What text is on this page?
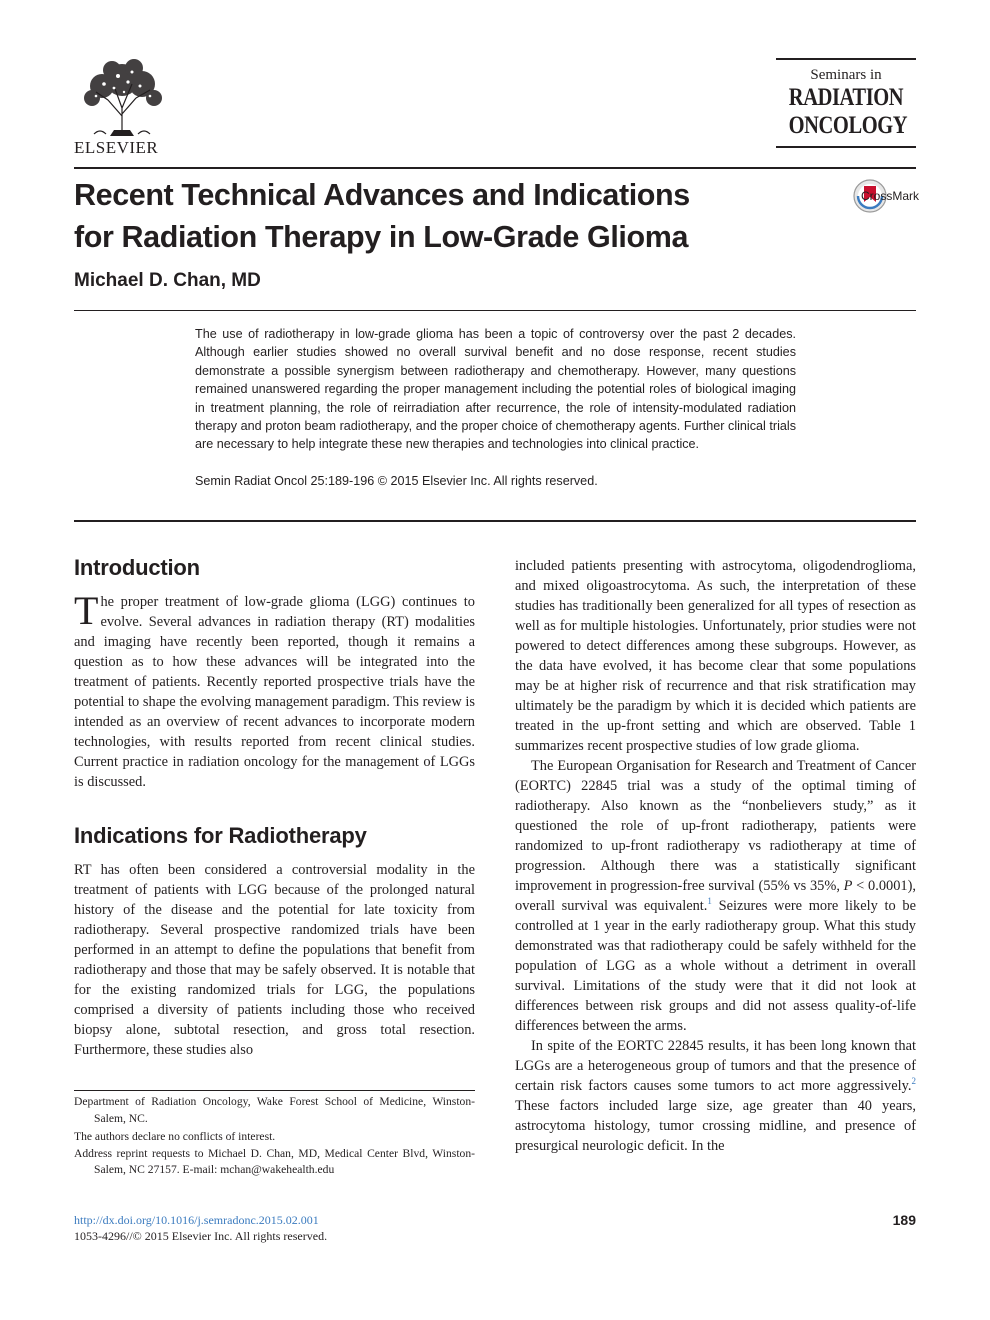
ELSEVIER
Seminars in
RADIATION
ONCOLOGY
Recent Technical Advances and Indications
for Radiation Therapy in Low-Grade Glioma
CrossMark
Michael D. Chan, MD
The use of radiotherapy in low-grade glioma has been a topic of controversy over the past 2 decades. Although earlier studies showed no overall survival benefit and no dose response, recent studies demonstrate a possible synergism between radiotherapy and chemotherapy. However, many questions remained unanswered regarding the proper management including the potential roles of biological imaging in treatment planning, the role of reirradiation after recurrence, the role of intensity-modulated radiation therapy and proton beam radiotherapy, and the proper choice of chemotherapy agents. Further clinical trials are necessary to help integrate these new therapies and technologies into clinical practice.
Semin Radiat Oncol 25:189-196 © 2015 Elsevier Inc. All rights reserved.
Introduction

The proper treatment of low-grade glioma (LGG) continues to evolve. Several advances in radiation therapy (RT) modalities and imaging have recently been reported, though it remains a question as to how these advances will be integrated into the treatment of patients. Recently reported prospective trials have the potential to shape the evolving management paradigm. This review is intended as an overview of recent advances to incorporate modern technologies, with results reported from recent clinical studies. Current practice in radiation oncology for the management of LGGs is discussed.

Indications for Radiotherapy

RT has often been considered a controversial modality in the treatment of patients with LGG because of the prolonged natural history of the disease and the potential for late toxicity from radiotherapy. Several prospective randomized trials have been performed in an attempt to define the populations that benefit from radiotherapy and those that may be safely observed. It is notable that for the existing randomized trials for LGG, the populations comprised a diversity of patients including those who received biopsy alone, subtotal resection, and gross total resection. Furthermore, these studies also

included patients presenting with astrocytoma, oligodendroglioma, and mixed oligoastrocytoma. As such, the interpretation of these studies has traditionally been generalized for all types of resection as well as for multiple histologies. Unfortunately, prior studies were not powered to detect differences among these subgroups. However, as the data have evolved, it has become clear that some populations may be at higher risk of recurrence and that risk stratification may ultimately be the paradigm by which it is decided which patients are treated in the up-front setting and which are observed. Table 1 summarizes recent prospective studies of low grade glioma.

The European Organisation for Research and Treatment of Cancer (EORTC) 22845 trial was a study of the optimal timing of radiotherapy. Also known as the “nonbelievers study,” as it questioned the role of up-front radiotherapy, patients were randomized to up-front radiotherapy vs radiotherapy at time of progression. Although there was a statistically significant improvement in progression-free survival (55% vs 35%, P < 0.0001), overall survival was equivalent.$^1$ Seizures were more likely to be controlled at 1 year in the early radiotherapy group. What this study demonstrated was that radiotherapy could be safely withheld for the population of LGG as a whole without a detriment in overall survival. Limitations of the study were that it did not look at differences between risk groups and did not assess quality-of-life differences between the arms.

In spite of the EORTC 22845 results, it has been long known that LGGs are a heterogeneous group of tumors and that the presence of certain risk factors causes some tumors to act more aggressively.$^2$ These factors included large size, age greater than 40 years, astrocytoma histology, tumor crossing midline, and presence of presurgical neurologic deficit. In the

Department of Radiation Oncology, Wake Forest School of Medicine, Winston-Salem, NC.
The authors declare no conflicts of interest.
Address reprint requests to Michael D. Chan, MD, Medical Center Blvd, Winston-Salem, NC 27157. E-mail: mchan@wakehealth.edu
http://dx.doi.org/10.1016/j.semradonc.2015.02.001
1053-4296//© 2015 Elsevier Inc. All rights reserved.
189
